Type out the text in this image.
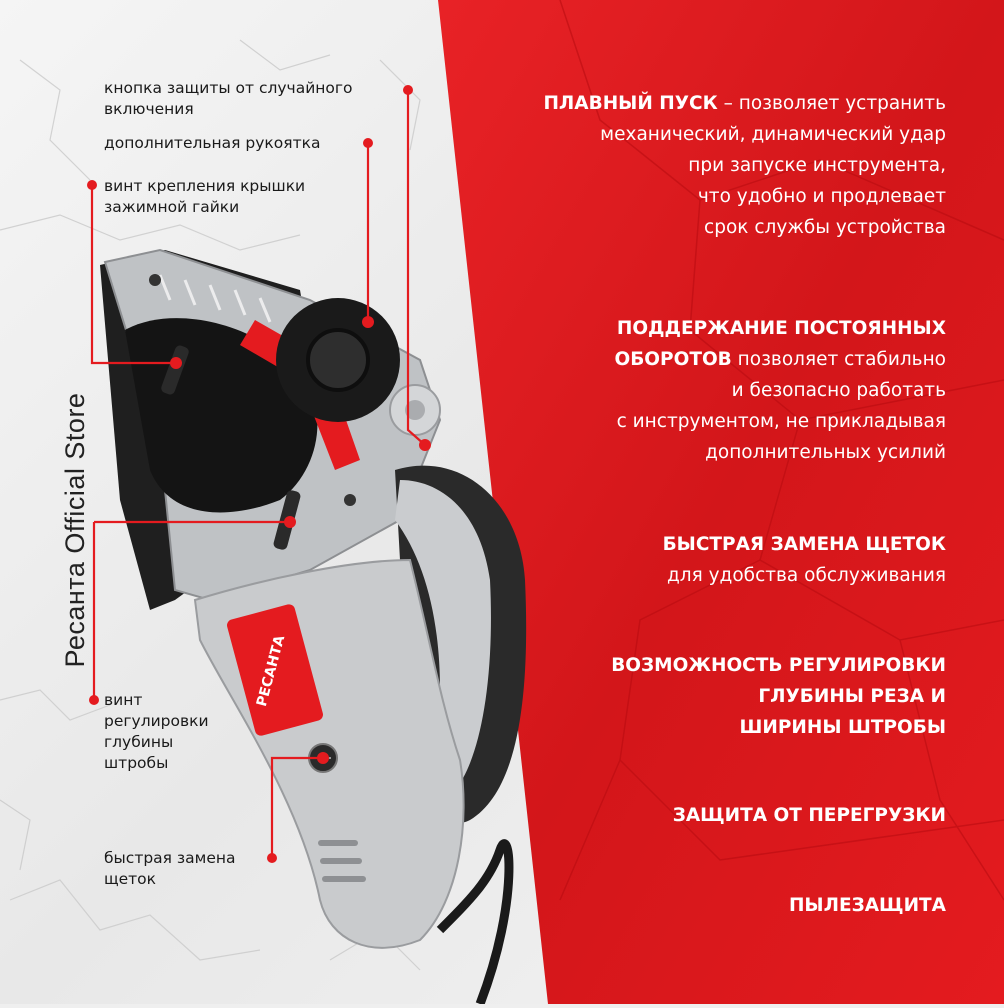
Ресанта Official Store
РЕСАНТА
кнопка защиты от случайного
включения
дополнительная рукоятка
винт крепления крышки
зажимной гайки
винт
регулировки
глубины
штробы
быстрая замена
щеток
ПЛАВНЫЙ ПУСК – позволяет устранить
механический, динамический удар
при запуске инструмента,
что удобно и продлевает
срок службы устройства
ПОДДЕРЖАНИЕ ПОСТОЯННЫХ
ОБОРОТОВ позволяет стабильно
и безопасно работать
с инструментом, не прикладывая
дополнительных усилий
БЫСТРАЯ ЗАМЕНА ЩЕТОК
для удобства обслуживания
ВОЗМОЖНОСТЬ РЕГУЛИРОВКИ
ГЛУБИНЫ РЕЗА И
ШИРИНЫ ШТРОБЫ
ЗАЩИТА ОТ ПЕРЕГРУЗКИ
ПЫЛЕЗАЩИТА
